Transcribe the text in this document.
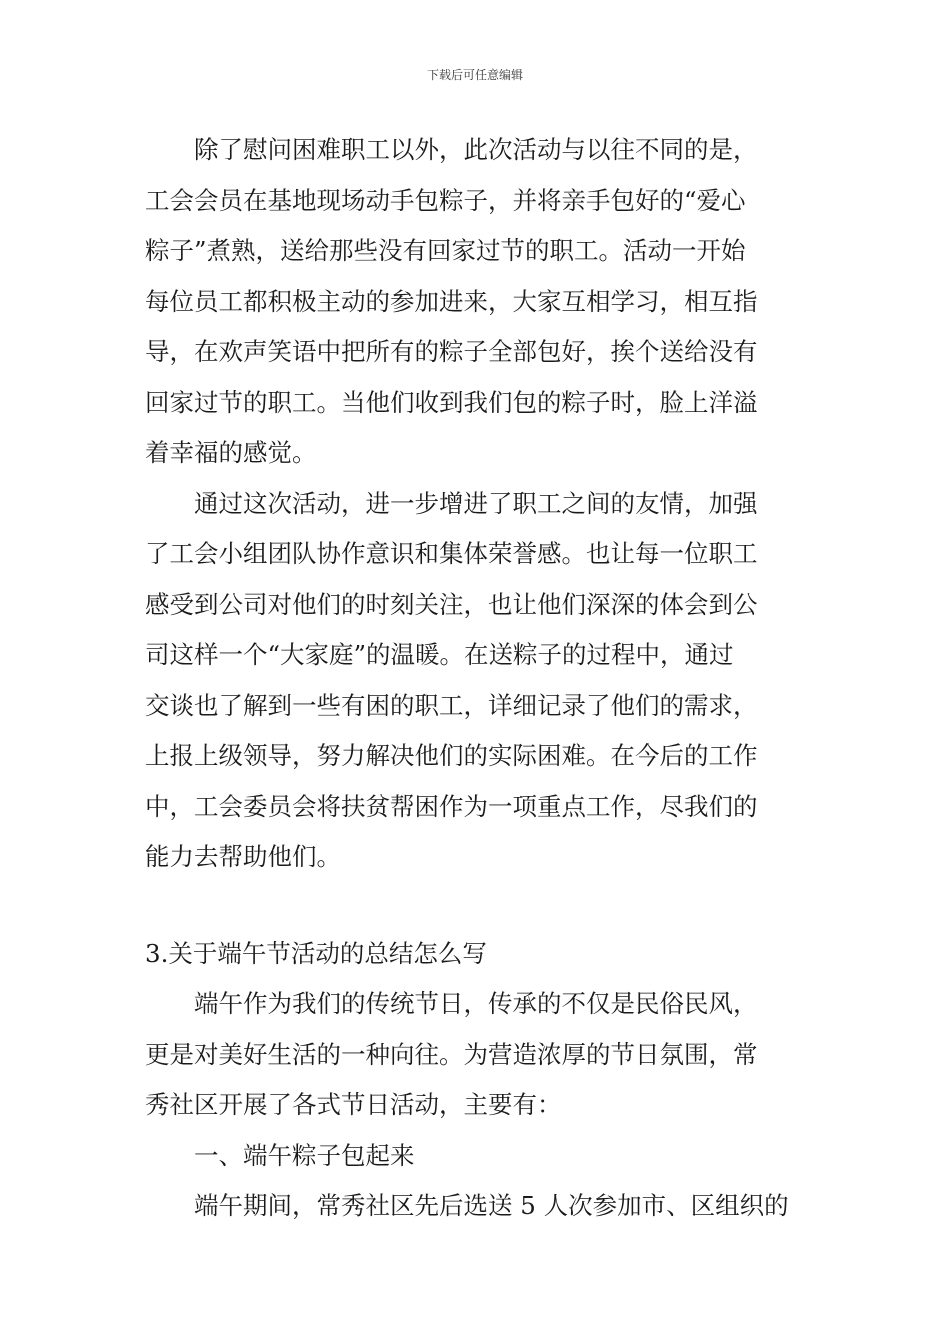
下载后可任意编辑
除了慰问困难职工以外，此次活动与以往不同的是，
工会会员在基地现场动手包粽子，并将亲手包好的“爱心
粽子”煮熟，送给那些没有回家过节的职工。活动一开始
每位员工都积极主动的参加进来，大家互相学习，相互指
导，在欢声笑语中把所有的粽子全部包好，挨个送给没有
回家过节的职工。当他们收到我们包的粽子时，脸上洋溢
着幸福的感觉。
通过这次活动，进一步增进了职工之间的友情，加强
了工会小组团队协作意识和集体荣誉感。也让每一位职工
感受到公司对他们的时刻关注，也让他们深深的体会到公
司这样一个“大家庭”的温暖。在送粽子的过程中，通过
交谈也了解到一些有困的职工，详细记录了他们的需求，
上报上级领导，努力解决他们的实际困难。在今后的工作
中，工会委员会将扶贫帮困作为一项重点工作，尽我们的
能力去帮助他们。
3.关于端午节活动的总结怎么写
端午作为我们的传统节日，传承的不仅是民俗民风，
更是对美好生活的一种向往。为营造浓厚的节日氛围，常
秀社区开展了各式节日活动，主要有：
一、端午粽子包起来
端午期间，常秀社区先后选送 5 人次参加市、区组织的
